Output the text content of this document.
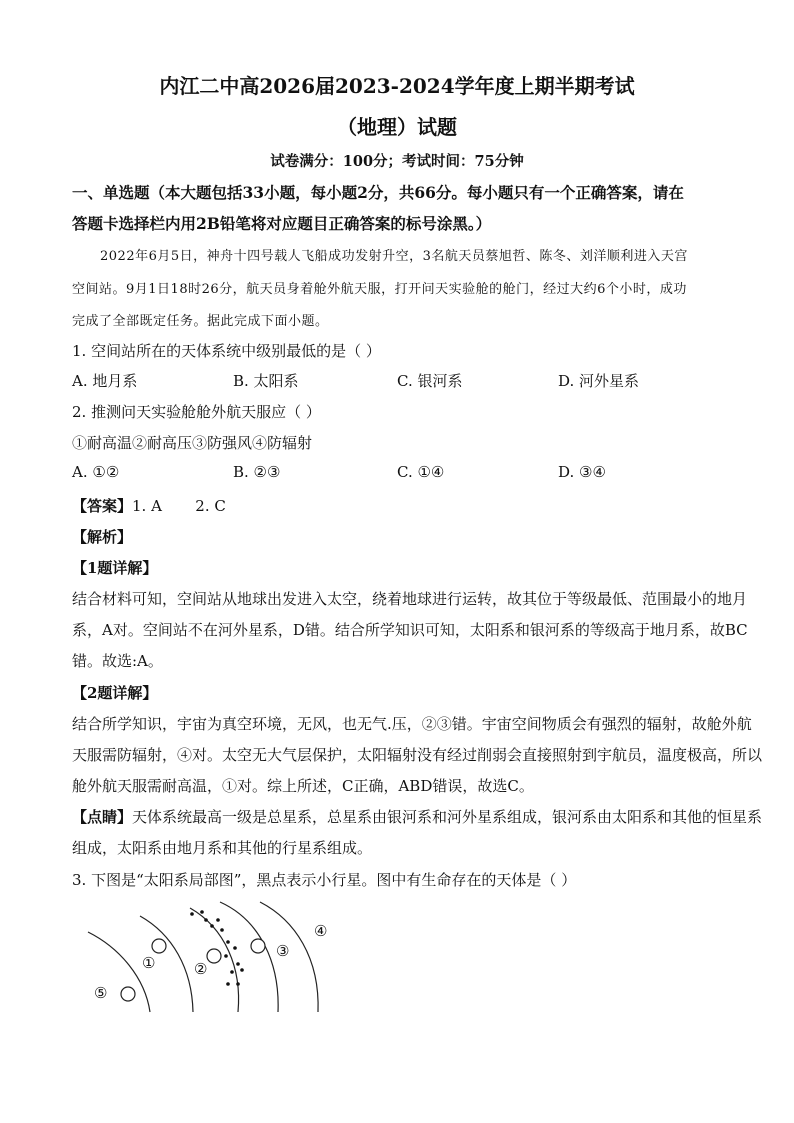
内江二中高2026届2023-2024学年度上期半期考试
（地理）试题
试卷满分：100分；考试时间：75分钟
一、单选题（本大题包括33小题，每小题2分，共66分。每小题只有一个正确答案，请在
答题卡选择栏内用2B铅笔将对应题目正确答案的标号涂黑。）
2022年6月5日，神舟十四号载人飞船成功发射升空，3名航天员蔡旭哲、陈冬、刘洋顺利进入天宫
空间站。9月1日18时26分，航天员身着舱外航天服，打开问天实验舱的舱门，经过大约6个小时，成功
完成了全部既定任务。据此完成下面小题。
1. 空间站所在的天体系统中级别最低的是（ ）
A. 地月系	B. 太阳系	C. 银河系	D. 河外星系
2. 推测问天实验舱舱外航天服应（ ）
①耐高温②耐高压③防强风④防辐射
A. ①②	B. ②③	C. ①④	D. ③④
【答案】1. A       2. C
【解析】
【1题详解】
结合材料可知，空间站从地球出发进入太空，绕着地球进行运转，故其位于等级最低、范围最小的地月
系，A对。空间站不在河外星系，D错。结合所学知识可知，太阳系和银河系的等级高于地月系，故BC
错。故选:A。
【2题详解】
结合所学知识，宇宙为真空环境，无风，也无气.压，②③错。宇宙空间物质会有强烈的辐射，故舱外航
天服需防辐射，④对。太空无大气层保护，太阳辐射没有经过削弱会直接照射到宇航员，温度极高，所以
舱外航天服需耐高温，①对。综上所述，C正确，ABD错误，故选C。
【点睛】天体系统最高一级是总星系，总星系由银河系和河外星系组成，银河系由太阳系和其他的恒星系
组成，太阳系由地月系和其他的行星系组成。
3. 下图是“太阳系局部图”，黑点表示小行星。图中有生命存在的天体是（ ）
①	②
③
④
⑤
